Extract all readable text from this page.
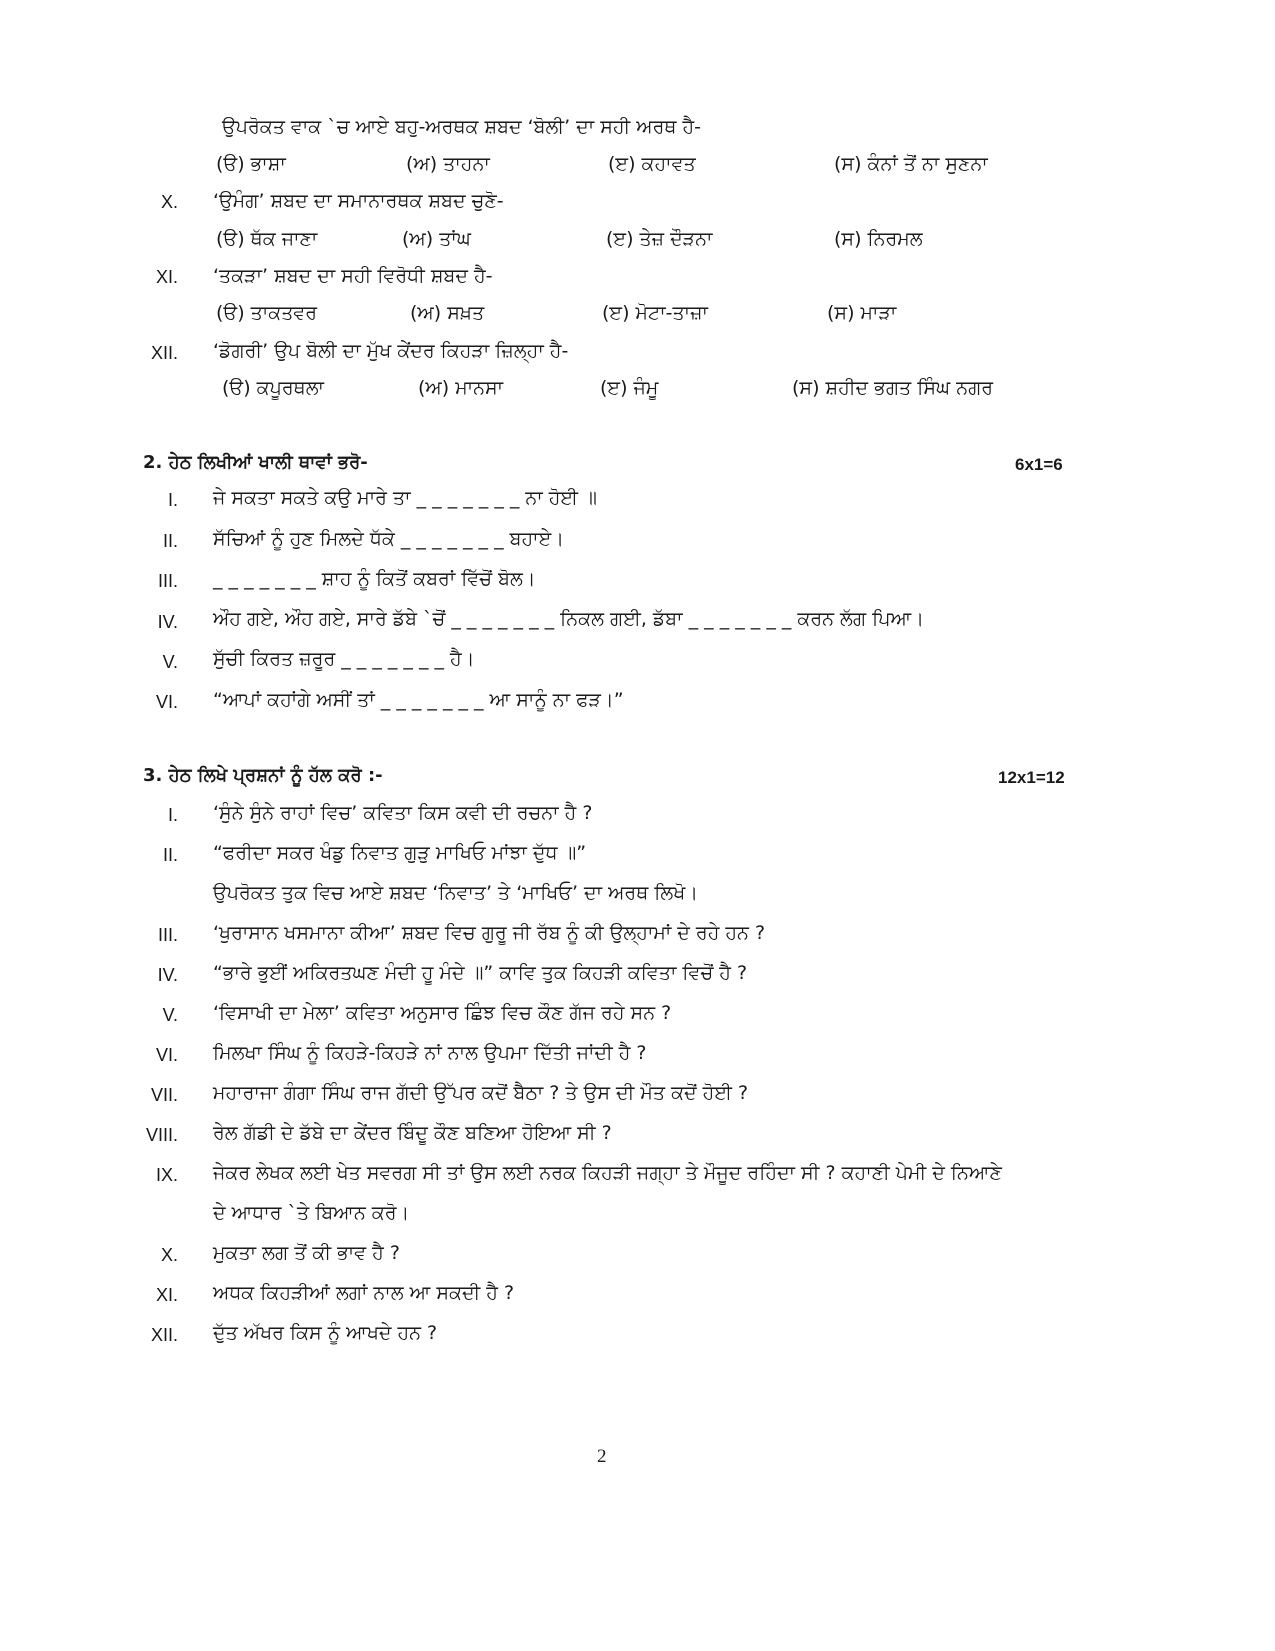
ਉਪਰੋਕਤ ਵਾਕ `ਚ ਆਏ ਬਹੁ-ਅਰਥਕ ਸ਼ਬਦ ‘ਬੋਲੀ’ ਦਾ ਸਹੀ ਅਰਥ ਹੈ-
(ੳ) ਭਾਸ਼ਾ	(ਅ) ਤਾਹਨਾ	(ੲ) ਕਹਾਵਤ	(ਸ) ਕੰਨਾਂ ਤੋਂ ਨਾ ਸੁਣਨਾ
X. ‘ਉਮੰਗ’ ਸ਼ਬਦ ਦਾ ਸਮਾਨਾਰਥਕ ਸ਼ਬਦ ਚੁਣੋ-
(ੳ) ਥੱਕ ਜਾਣਾ	(ਅ) ਤਾਂਘ	(ੲ) ਤੇਜ਼ ਦੌੜਨਾ	(ਸ) ਨਿਰਮਲ
XI. ‘ਤਕੜਾ’ ਸ਼ਬਦ ਦਾ ਸਹੀ ਵਿਰੋਧੀ ਸ਼ਬਦ ਹੈ-
(ੳ) ਤਾਕਤਵਰ	(ਅ) ਸਖ਼ਤ	(ੲ) ਮੋਟਾ-ਤਾਜ਼ਾ	(ਸ) ਮਾੜਾ
XII. ‘ਡੋਗਰੀ’ ਉਪ ਬੋਲੀ ਦਾ ਮੁੱਖ ਕੇਂਦਰ ਕਿਹੜਾ ਜ਼ਿਲ੍ਹਾ ਹੈ-
(ੳ) ਕਪੂਰਥਲਾ	(ਅ) ਮਾਨਸਾ	(ੲ) ਜੰਮੂ	(ਸ) ਸ਼ਹੀਦ ਭਗਤ ਸਿੰਘ ਨਗਰ
2. ਹੇਠ ਲਿਖੀਆਂ ਖਾਲੀ ਥਾਵਾਂ ਭਰੋ-	6x1=6
I. ਜੇ ਸਕਤਾ ਸਕਤੇ ਕਉ ਮਾਰੇ ਤਾ _ _ _ _ _ _ _ ਨਾ ਹੋਈ ॥
II. ਸੱਚਿਆਂ ਨੂੰ ਹੁਣ ਮਿਲਦੇ ਧੱਕੇ _ _ _ _ _ _ _ ਬਹਾਏ।
III. _ _ _ _ _ _ _ ਸ਼ਾਹ ਨੂੰ ਕਿਤੋਂ ਕਬਰਾਂ ਵਿੱਚੋਂ ਬੋਲ।
IV. ਔਹ ਗਏ, ਔਹ ਗਏ, ਸਾਰੇ ਡੱਬੇ `ਚੋਂ _ _ _ _ _ _ _ ਨਿਕਲ ਗਈ, ਡੱਬਾ _ _ _ _ _ _ _ ਕਰਨ ਲੱਗ ਪਿਆ।
V. ਸੁੱਚੀ ਕਿਰਤ ਜ਼ਰੂਰ _ _ _ _ _ _ _ ਹੈ।
VI. “ਆਪਾਂ ਕਹਾਂਗੇ ਅਸੀਂ ਤਾਂ _ _ _ _ _ _ _ ਆ ਸਾਨੂੰ ਨਾ ਫੜ।”
3. ਹੇਠ ਲਿਖੇ ਪ੍ਰਸ਼ਨਾਂ ਨੂੰ ਹੱਲ ਕਰੋ :-	12x1=12
I. ‘ਸੁੰਨੇ ਸੁੰਨੇ ਰਾਹਾਂ ਵਿਚ’ ਕਵਿਤਾ ਕਿਸ ਕਵੀ ਦੀ ਰਚਨਾ ਹੈ ?
II. “ਫਰੀਦਾ ਸਕਰ ਖੰਡੁ ਨਿਵਾਤ ਗੁੜੁ ਮਾਖਿਓ ਮਾਂਝਾ ਦੁੱਧ ॥”
ਉਪਰੋਕਤ ਤੁਕ ਵਿਚ ਆਏ ਸ਼ਬਦ ‘ਨਿਵਾਤ’ ਤੇ ‘ਮਾਖਿਓ’ ਦਾ ਅਰਥ ਲਿਖੋ।
III. ‘ਖੁਰਾਸਾਨ ਖਸਮਾਨਾ ਕੀਆ’ ਸ਼ਬਦ ਵਿਚ ਗੁਰੂ ਜੀ ਰੱਬ ਨੂੰ ਕੀ ਉਲ੍ਹਾਮਾਂ ਦੇ ਰਹੇ ਹਨ ?
IV. “ਭਾਰੇ ਭੁਈਂ ਅਕਿਰਤਘਣ ਮੰਦੀ ਹੂ ਮੰਦੇ ॥” ਕਾਵਿ ਤੁਕ ਕਿਹੜੀ ਕਵਿਤਾ ਵਿਚੋਂ ਹੈ ?
V. ‘ਵਿਸਾਖੀ ਦਾ ਮੇਲਾ’ ਕਵਿਤਾ ਅਨੁਸਾਰ ਛਿੰਝ ਵਿਚ ਕੌਣ ਗੱਜ ਰਹੇ ਸਨ ?
VI. ਮਿਲਖਾ ਸਿੰਘ ਨੂੰ ਕਿਹੜੇ-ਕਿਹੜੇ ਨਾਂ ਨਾਲ ਉਪਮਾ ਦਿੱਤੀ ਜਾਂਦੀ ਹੈ ?
VII. ਮਹਾਰਾਜਾ ਗੰਗਾ ਸਿੰਘ ਰਾਜ ਗੱਦੀ ਉੱਪਰ ਕਦੋਂ ਬੈਠਾ ? ਤੇ ਉਸ ਦੀ ਮੌਤ ਕਦੋਂ ਹੋਈ ?
VIII. ਰੇਲ ਗੱਡੀ ਦੇ ਡੱਬੇ ਦਾ ਕੇਂਦਰ ਬਿੰਦੂ ਕੌਣ ਬਣਿਆ ਹੋਇਆ ਸੀ ?
IX. ਜੇਕਰ ਲੇਖਕ ਲਈ ਖੇਤ ਸਵਰਗ ਸੀ ਤਾਂ ਉਸ ਲਈ ਨਰਕ ਕਿਹੜੀ ਜਗ੍ਹਾ ਤੇ ਮੌਜੂਦ ਰਹਿੰਦਾ ਸੀ ? ਕਹਾਣੀ ਪੇਮੀ ਦੇ ਨਿਆਣੇ
ਦੇ ਆਧਾਰ `ਤੇ ਬਿਆਨ ਕਰੋ।
X. ਮੁਕਤਾ ਲਗ ਤੋਂ ਕੀ ਭਾਵ ਹੈ ?
XI. ਅਧਕ ਕਿਹੜੀਆਂ ਲਗਾਂ ਨਾਲ ਆ ਸਕਦੀ ਹੈ ?
XII. ਦੁੱਤ ਅੱਖਰ ਕਿਸ ਨੂੰ ਆਖਦੇ ਹਨ ?
2
